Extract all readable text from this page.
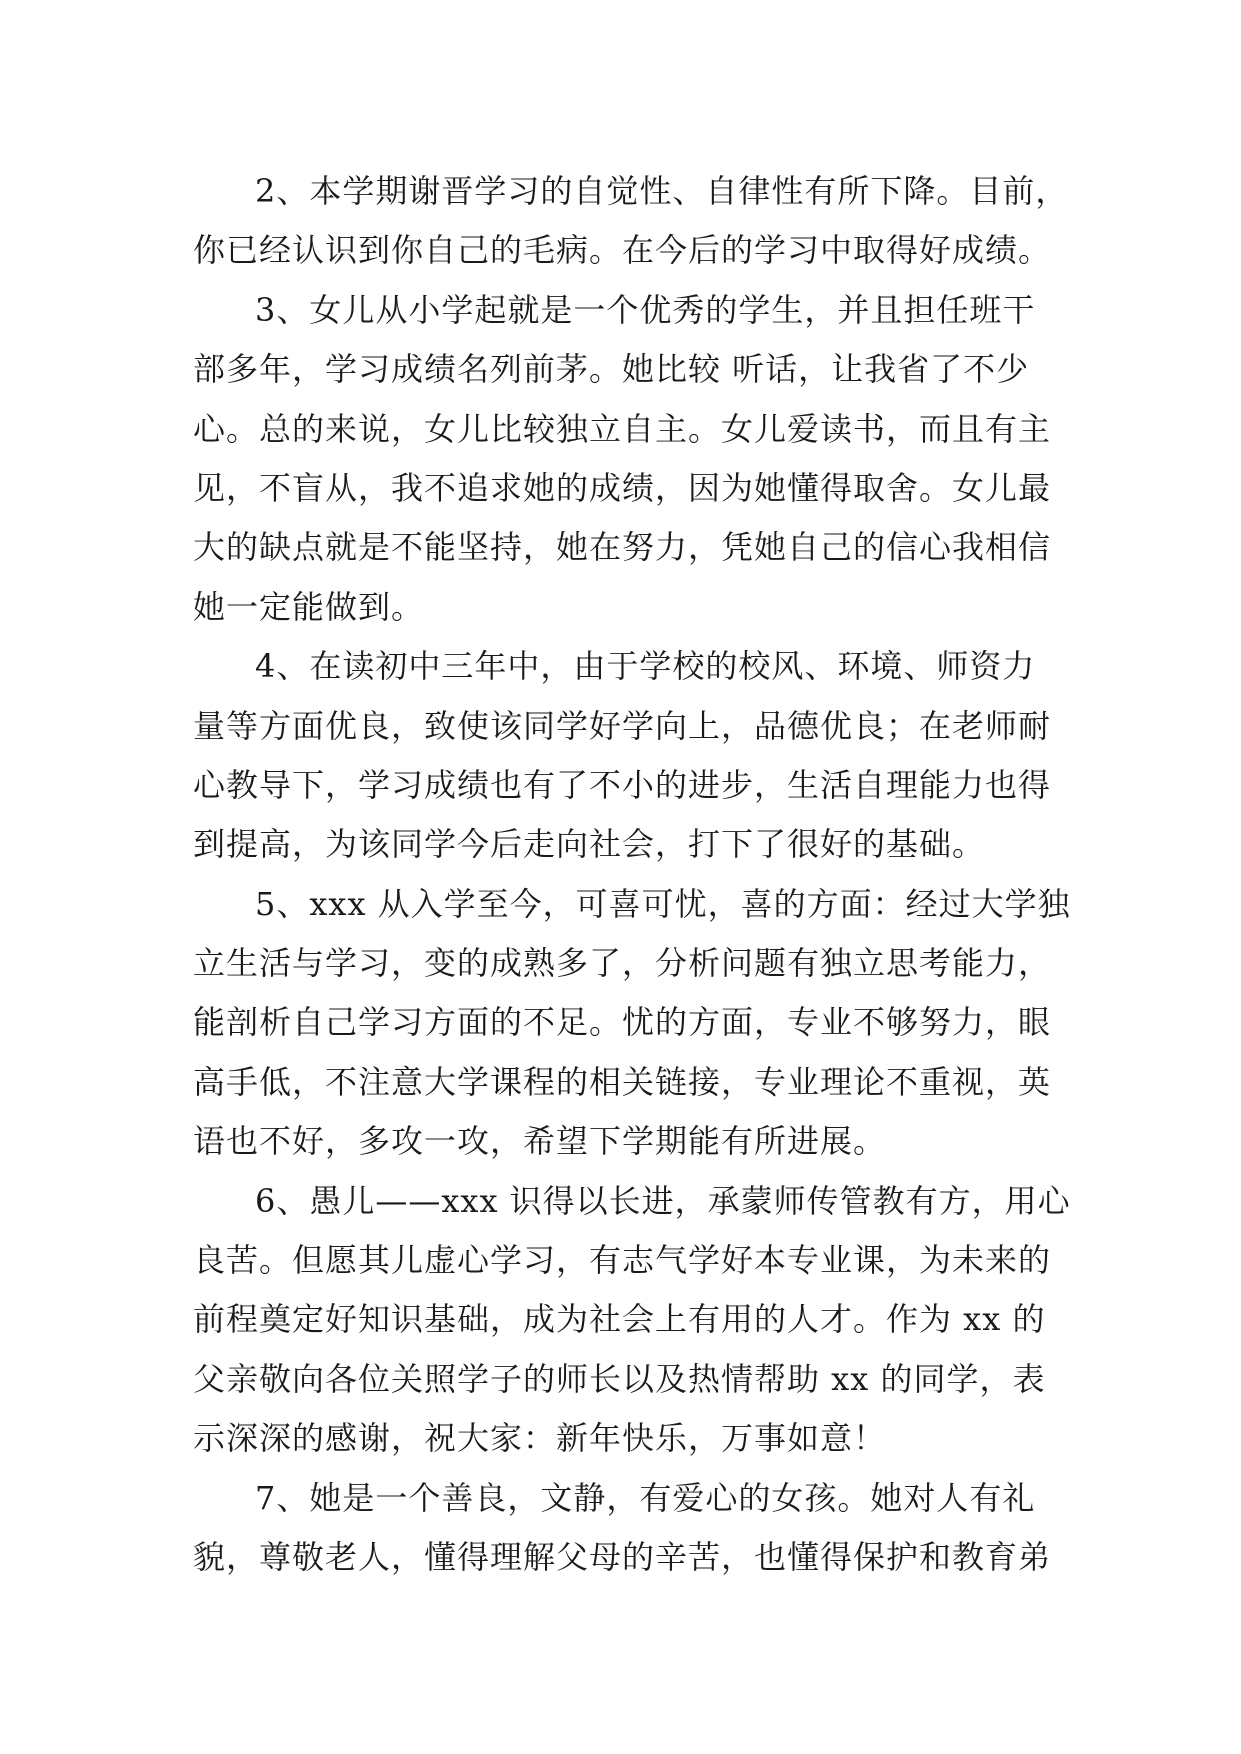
2、本学期谢晋学习的自觉性、自律性有所下降。目前，
你已经认识到你自己的毛病。在今后的学习中取得好成绩。
3、女儿从小学起就是一个优秀的学生，并且担任班干
部多年，学习成绩名列前茅。她比较 听话，让我省了不少
心。总的来说，女儿比较独立自主。女儿爱读书，而且有主
见，不盲从，我不追求她的成绩，因为她懂得取舍。女儿最
大的缺点就是不能坚持，她在努力，凭她自己的信心我相信
她一定能做到。
4、在读初中三年中，由于学校的校风、环境、师资力
量等方面优良，致使该同学好学向上，品德优良；在老师耐
心教导下，学习成绩也有了不小的进步，生活自理能力也得
到提高，为该同学今后走向社会，打下了很好的基础。
5、xxx 从入学至今，可喜可忧，喜的方面：经过大学独
立生活与学习，变的成熟多了，分析问题有独立思考能力，
能剖析自己学习方面的不足。忧的方面，专业不够努力，眼
高手低，不注意大学课程的相关链接，专业理论不重视，英
语也不好，多攻一攻，希望下学期能有所进展。
6、愚儿——xxx 识得以长进，承蒙师传管教有方，用心
良苦。但愿其儿虚心学习，有志气学好本专业课，为未来的
前程奠定好知识基础，成为社会上有用的人才。作为 xx 的
父亲敬向各位关照学子的师长以及热情帮助 xx 的同学，表
示深深的感谢，祝大家：新年快乐，万事如意！
7、她是一个善良，文静，有爱心的女孩。她对人有礼
貌，尊敬老人，懂得理解父母的辛苦，也懂得保护和教育弟
